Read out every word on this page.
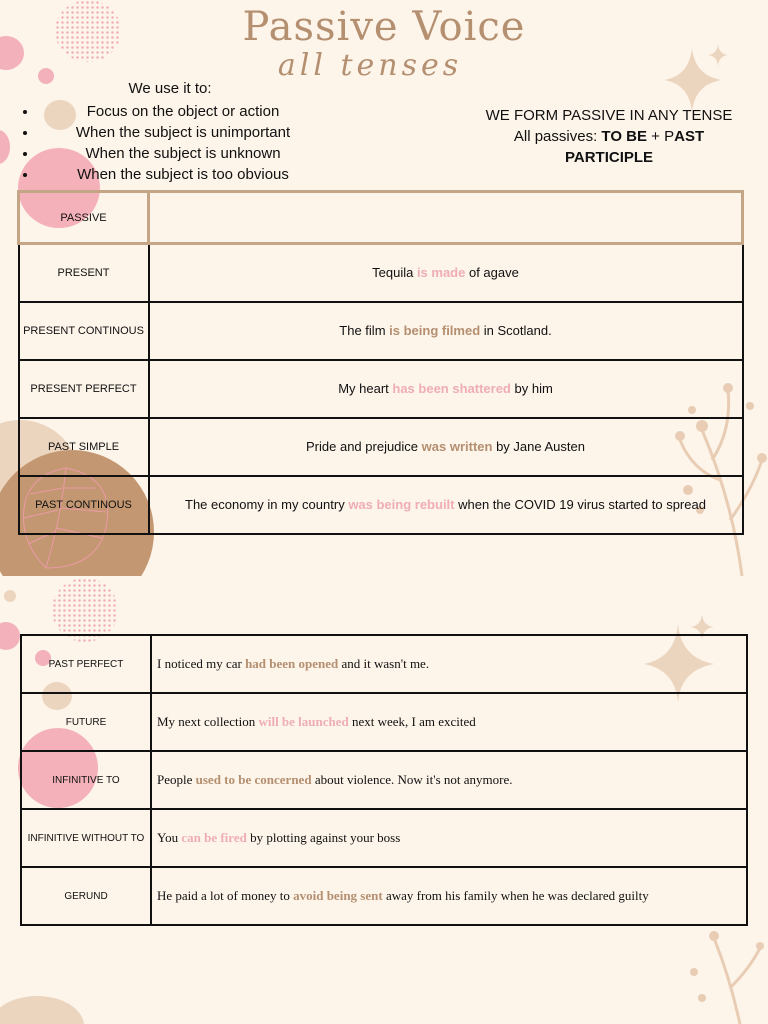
Passive Voice
all tenses
We use it to:
• Focus on the object or action
• When the subject is unimportant
• When the subject is unknown
• When the subject is too obvious
WE FORM PASSIVE IN ANY TENSE
All passives: TO BE + PAST PARTICIPLE
PASSIVE	
PRESENT	Tequila is made of agave
PRESENT CONTINOUS	The film is being filmed in Scotland.
PRESENT PERFECT	My heart has been shattered by him
PAST SIMPLE	Pride and prejudice was written by Jane Austen
PAST CONTINOUS	The economy in my country was being rebuilt when the COVID 19 virus started to spread
PAST PERFECT	I noticed my car had been opened and it wasn't me.
FUTURE	My next collection will be launched next week, I am excited
INFINITIVE TO	People used to be concerned about violence. Now it's not anymore.
INFINITIVE WITHOUT TO	You can be fired by plotting against your boss
GERUND	He paid a lot of money to avoid being sent away from his family when he was declared guilty
